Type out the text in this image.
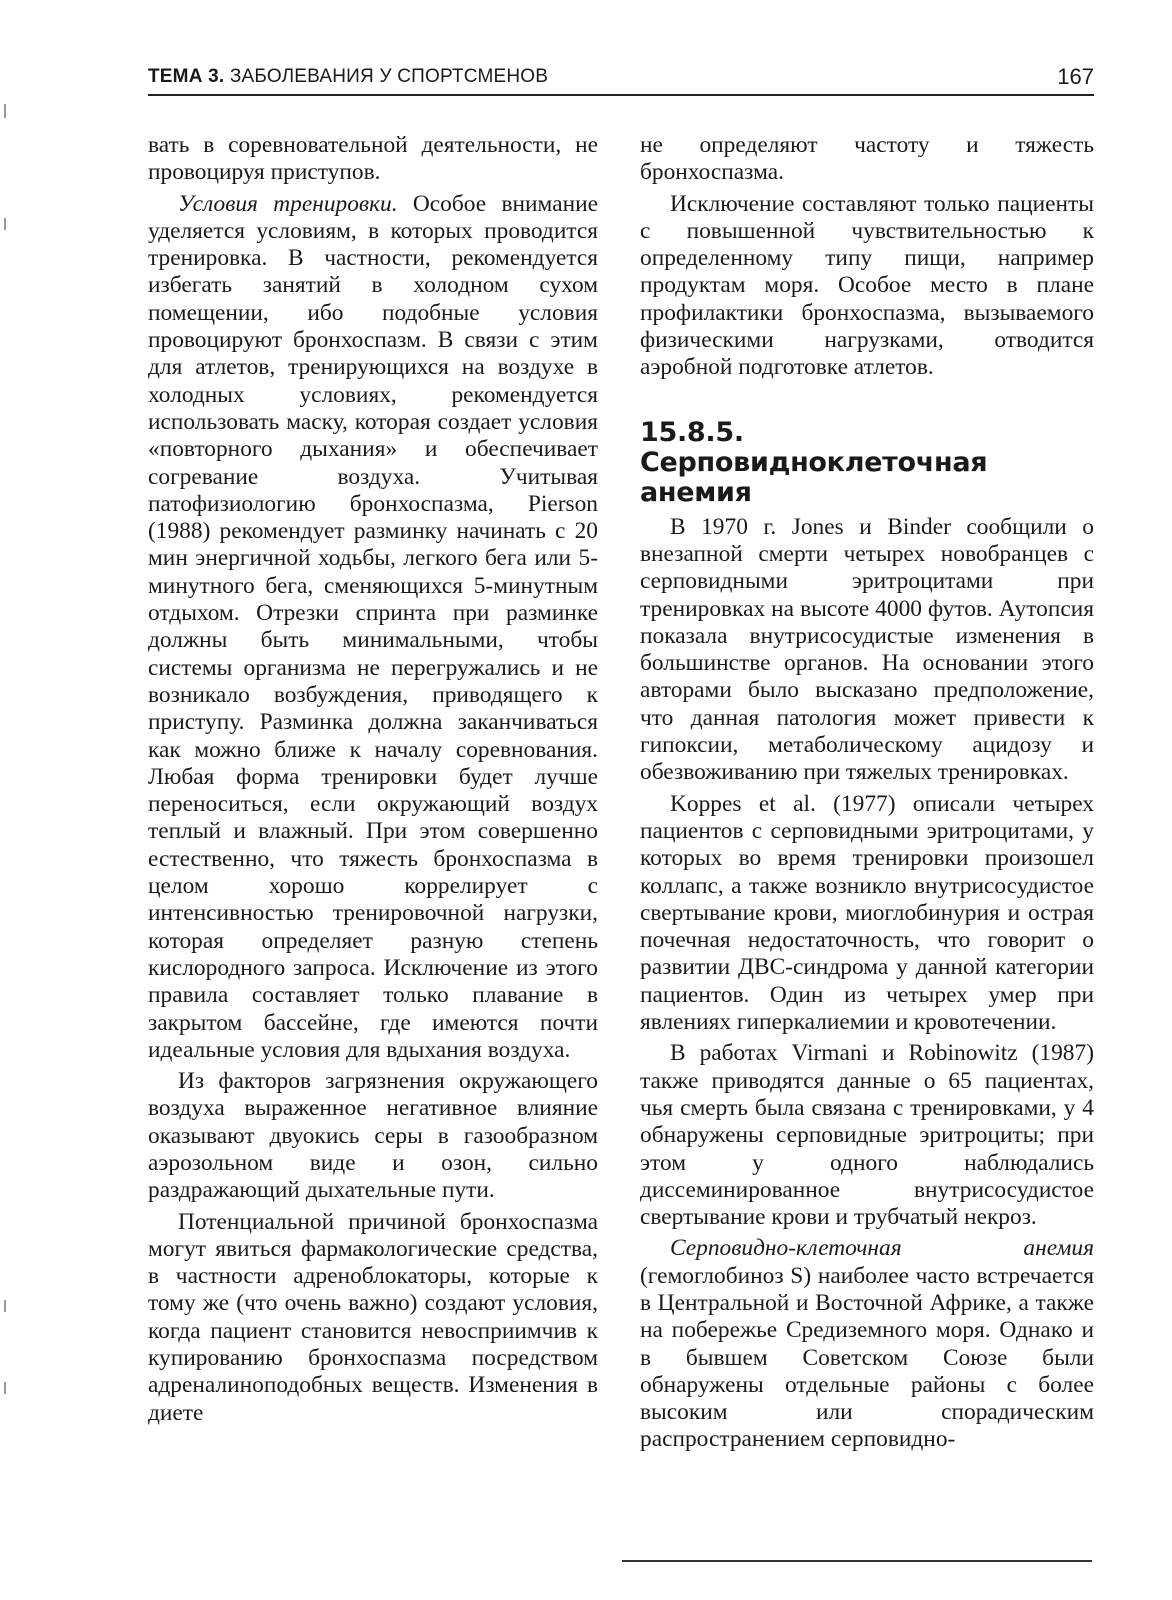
ТЕМА 3. ЗАБОЛЕВАНИЯ У СПОРТСМЕНОВ	167

вать в соревновательной деятельности, не провоцируя приступов.

Условия тренировки. Особое внимание уделяется условиям, в которых проводится тренировка. В частности, рекомендуется избегать занятий в холодном сухом помещении, ибо подобные условия провоцируют бронхоспазм. В связи с этим для атлетов, тренирующихся на воздухе в холодных условиях, рекомендуется использовать маску, которая создает условия «повторного дыхания» и обеспечивает согревание воздуха. Учитывая патофизиологию бронхоспазма, Pierson (1988) рекомендует разминку начинать с 20 мин энергичной ходьбы, легкого бега или 5-минутного бега, сменяющихся 5-минутным отдыхом. Отрезки спринта при разминке должны быть минимальными, чтобы системы организма не перегружались и не возникало возбуждения, приводящего к приступу. Разминка должна заканчиваться как можно ближе к началу соревнования. Любая форма тренировки будет лучше переноситься, если окружающий воздух теплый и влажный. При этом совершенно естественно, что тяжесть бронхоспазма в целом хорошо коррелирует с интенсивностью тренировочной нагрузки, которая определяет разную степень кислородного запроса. Исключение из этого правила составляет только плавание в закрытом бассейне, где имеются почти идеальные условия для вдыхания воздуха.

Из факторов загрязнения окружающего воздуха выраженное негативное влияние оказывают двуокись серы в газообразном аэрозольном виде и озон, сильно раздражающий дыхательные пути.

Потенциальной причиной бронхоспазма могут явиться фармакологические средства, в частности адреноблокаторы, которые к тому же (что очень важно) создают условия, когда пациент становится невосприимчив к купированию бронхоспазма посредством адреналиноподобных веществ. Изменения в диете

не определяют частоту и тяжесть бронхоспазма.

Исключение составляют только пациенты с повышенной чувствительностью к определенному типу пищи, например продуктам моря. Особое место в плане профилактики бронхоспазма, вызываемого физическими нагрузками, отводится аэробной подготовке атлетов.

15.8.5. Серповидноклеточная анемия

В 1970 г. Jones и Binder сообщили о внезапной смерти четырех новобранцев с серповидными эритроцитами при тренировках на высоте 4000 футов. Аутопсия показала внутрисосудистые изменения в большинстве органов. На основании этого авторами было высказано предположение, что данная патология может привести к гипоксии, метаболическому ацидозу и обезвоживанию при тяжелых тренировках.

Koppes et al. (1977) описали четырех пациентов с серповидными эритроцитами, у которых во время тренировки произошел коллапс, а также возникло внутрисосудистое свертывание крови, миоглобинурия и острая почечная недостаточность, что говорит о развитии ДВС-синдрома у данной категории пациентов. Один из четырех умер при явлениях гиперкалиемии и кровотечении.

В работах Virmani и Robinowitz (1987) также приводятся данные о 65 пациентах, чья смерть была связана с тренировками, у 4 обнаружены серповидные эритроциты; при этом у одного наблюдались диссеминированное внутрисосудистое свертывание крови и трубчатый некроз.

Серповидно-клеточная анемия (гемоглобиноз S) наиболее часто встречается в Центральной и Восточной Африке, а также на побережье Средиземного моря. Однако и в бывшем Советском Союзе были обнаружены отдельные районы с более высоким или спорадическим распространением серповидно-
